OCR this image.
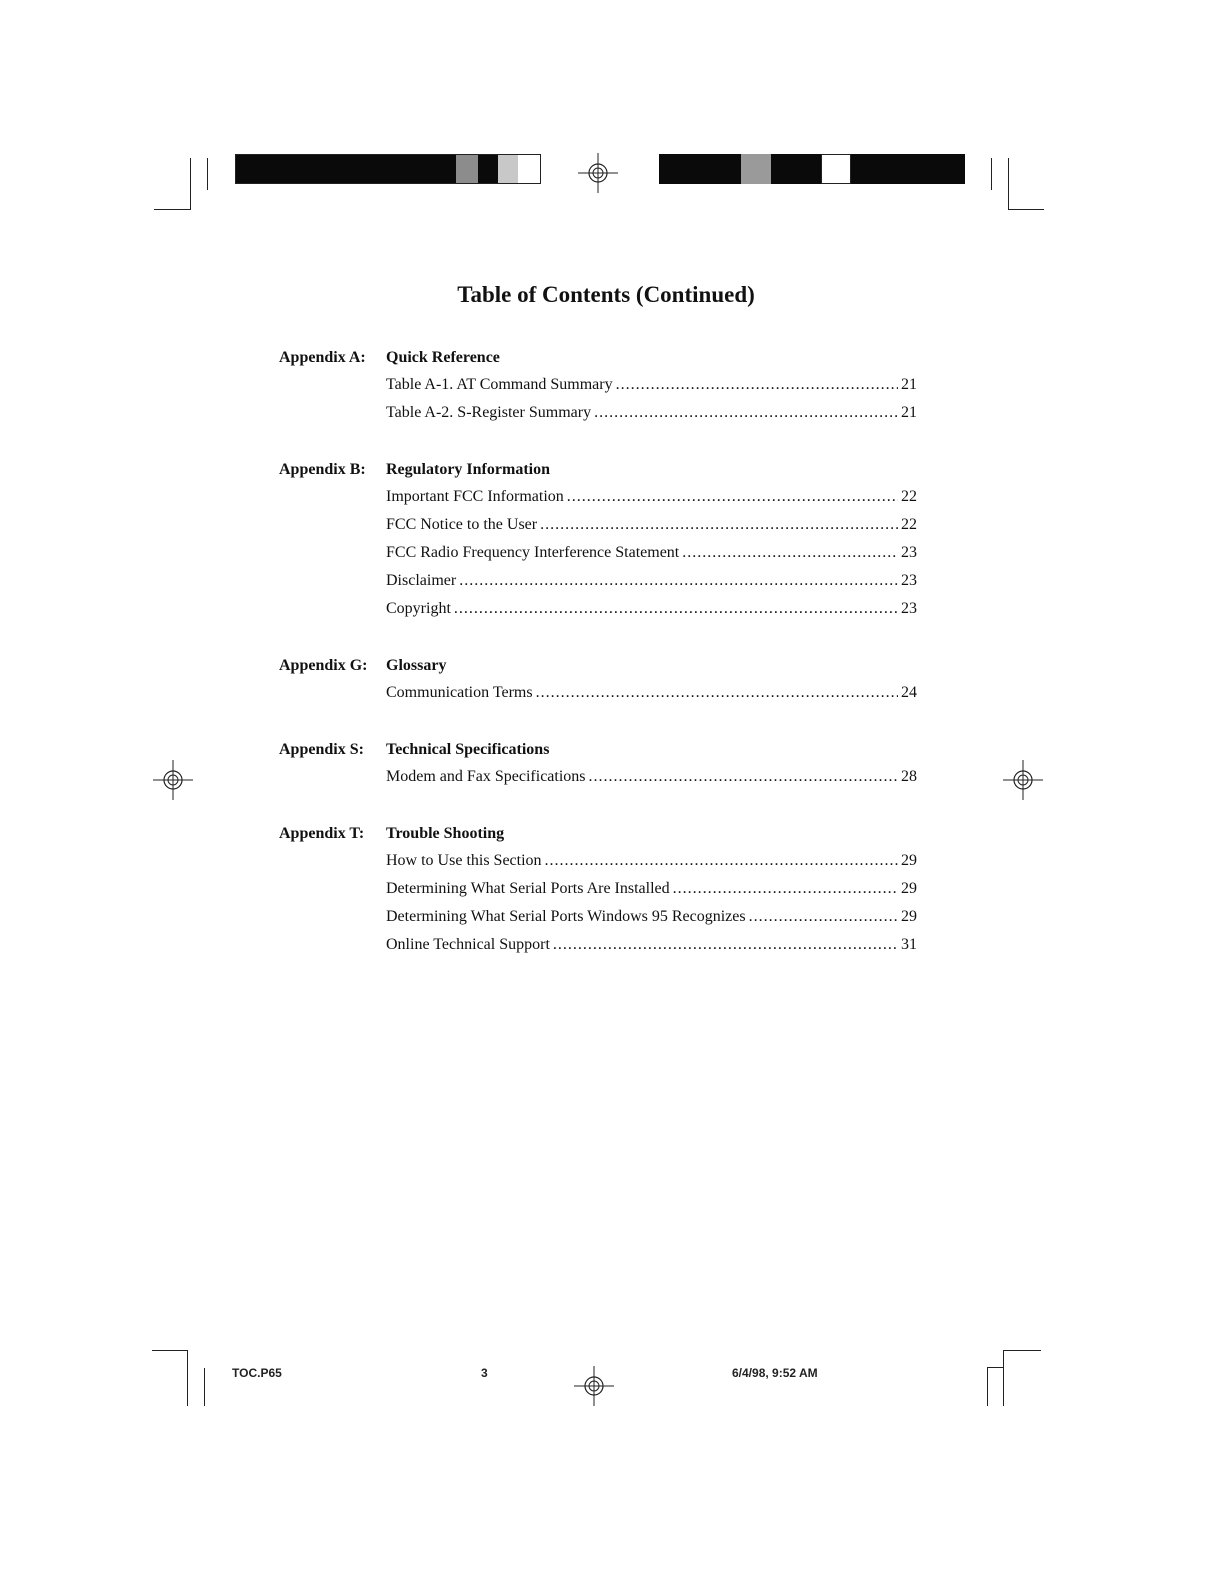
Table of Contents (Continued)
Appendix A:	Quick Reference
Table A-1. AT Command Summary .....	21
Table A-2. S-Register Summary .....	21
Appendix B:	Regulatory Information
Important FCC Information .....	22
FCC Notice to the User .....	22
FCC Radio Frequency Interference Statement .....	23
Disclaimer .....	23
Copyright .....	23
Appendix G:	Glossary
Communication Terms .....	24
Appendix S:	Technical Specifications
Modem and Fax Specifications .....	28
Appendix T:	Trouble Shooting
How to Use this Section .....	29
Determining What Serial Ports Are Installed .....	29
Determining What Serial Ports Windows 95 Recognizes .....	29
Online Technical Support .....	31
TOC.P65	3	6/4/98, 9:52 AM
